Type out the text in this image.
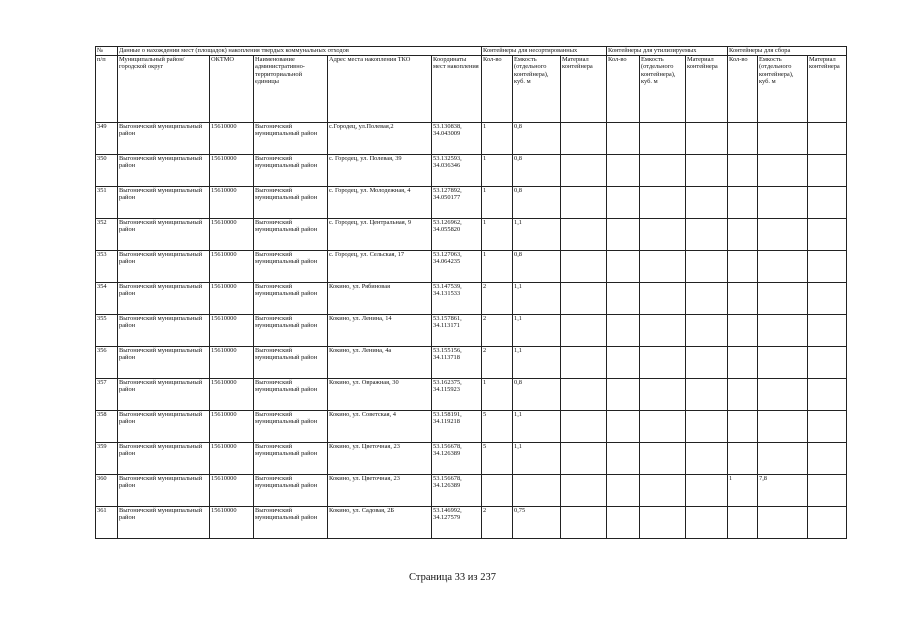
№	Данные о нахождении мест (площадок) накопления твердых коммунальных отходов					Контейнеры для несортированных			Контейнеры для утилизируемых			Контейнеры для сбора		
п/п	Муниципальный район/городской округ	ОКТМО	Наименование административно-территориальной единицы	Адрес места накопления ТКО	Координаты мест накопления	Кол-во	Емкость (отдельного контейнера), куб. м	Материал контейнера	Кол-во	Емкость (отдельного контейнера), куб. м	Материал контейнера	Кол-во	Емкость (отдельного контейнера), куб. м	Материал контейнера
349	Выгоничский муниципальный район	15610000	Выгоничский муниципальный район	с.Городец, ул.Полевая,2	53.130838, 34.043009	1	0,8							
350	Выгоничский муниципальный район	15610000	Выгоничский муниципальный район	с. Городец, ул. Полевая, 39	53.132593, 34.036346	1	0,8							
351	Выгоничский муниципальный район	15610000	Выгоничский муниципальный район	с. Городец, ул. Молодежная, 4	53.127892, 34.050177	1	0,8							
352	Выгоничский муниципальный район	15610000	Выгоничский муниципальный район	с. Городец, ул. Центральная, 9	53.126962, 34.055820	1	1,1							
353	Выгоничский муниципальный район	15610000	Выгоничский муниципальный район	с. Городец, ул. Сельская, 17	53.127063, 34.064235	1	0,8							
354	Выгоничский муниципальный район	15610000	Выгоничский муниципальный район	Кокино, ул. Рябиновая	53.147539, 34.131533	2	1,1							
355	Выгоничский муниципальный район	15610000	Выгоничский муниципальный район	Кокино, ул. Ленина, 14	53.157861, 34.113171	2	1,1							
356	Выгоничский муниципальный район	15610000	Выгоничский муниципальный район	Кокино, ул. Ленина, 4а	53.155156, 34.113718	2	1,1							
357	Выгоничский муниципальный район	15610000	Выгоничский муниципальный район	Кокино, ул. Овражная, 30	53.162375, 34.115923	1	0,8							
358	Выгоничский муниципальный район	15610000	Выгоничский муниципальный район	Кокино, ул. Советская, 4	53.158191, 34.119218	5	1,1							
359	Выгоничский муниципальный район	15610000	Выгоничский муниципальный район	Кокино, ул. Цветочная, 23	53.156678, 34.126389	5	1,1							
360	Выгоничский муниципальный район	15610000	Выгоничский муниципальный район	Кокино, ул. Цветочная, 23	53.156678, 34.126389							1	7,8	
361	Выгоничский муниципальный район	15610000	Выгоничский муниципальный район	Кокино, ул. Садовая, 2Б	53.146992, 34.127579	2	0,75							
Страница 33 из 237
